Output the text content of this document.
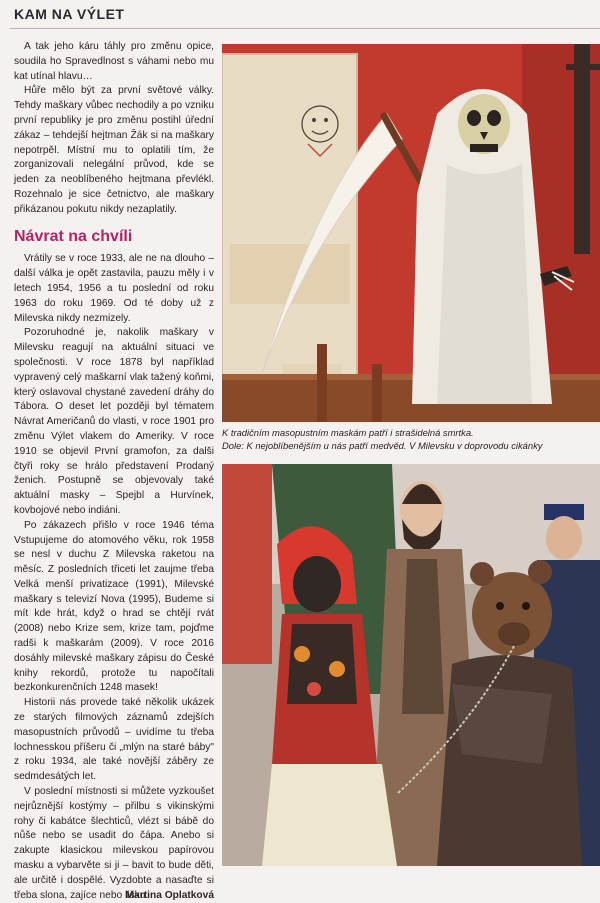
KAM NA VÝLET

A tak jeho káru táhly pro změnu opice, soudila ho Spravedlnost s váhami nebo mu kat utínal hlavu…

Hůře mělo být za první světové války. Tehdy maškary vůbec nechodily a po vzniku první republiky je pro změnu postihl úřední zákaz – tehdejší hejtman Žák si na maškary nepotrpěl. Místní mu to oplatili tím, že zorganizovali nelegální průvod, kde se jeden za neoblíbeného hejtmana převlékl. Rozehnalo je sice četnictvo, ale maškary přikázanou pokutu nikdy nezaplatily.

Návrat na chvíli

Vrátily se v roce 1933, ale ne na dlouho – další válka je opět zastavila, pauzu měly i v letech 1954, 1956 a tu poslední od roku 1963 do roku 1969. Od té doby už z Milevska nikdy nezmizely.

Pozoruhodné je, nakolik maškary v Milevsku reagují na aktuální situaci ve společnosti. V roce 1878 byl například vypravený celý maškarní vlak tažený koňmi, který oslavoval chystané zavedení dráhy do Tábora. O deset let později byl tématem Návrat Američanů do vlasti, v roce 1901 pro změnu Výlet vlakem do Ameriky. V roce 1910 se objevil První gramofon, za dalši čtyři roky se hrálo představení Prodaný ženich. Postupně se objevovaly také aktuální masky – Spejbl a Hurvínek, kovbojové nebo indiáni.

Po zákazech přišlo v roce 1946 téma Vstupujeme do atomového věku, rok 1958 se nesl v duchu Z Milevska raketou na měsíc. Z posledních třiceti let zaujme třeba Velká menší privatizace (1991), Milevské maškary s televizí Nova (1995), Budeme si mít kde hrát, když o hrad se chtějí rvát (2008) nebo Krize sem, krize tam, pojďme radši k maškarám (2009). V roce 2016 dosáhly milevské maškary zápisu do České knihy rekordů, protože tu napočítali bezkonkurenčních 1248 masek!

Historii nás provede také několik ukázek ze starých filmových záznamů zdejších masopustních průvodů – uvidíme tu třeba lochnesskou příšeru či „mlýn na staré báby" z roku 1934, ale také novější záběry ze sedmdesátých let.

V poslední místnosti si můžete vyzkoušet nejrůznější kostýmy – přilbu s vikinskými rohy či kabátce šlechticů, vlézt si bábě do nůše nebo se usadit do čápa. Anebo si zakupte klasickou milevskou papírovou masku a vybarvěte si ji – bavit to bude děti, ale určitě i dospělé. Vyzdobte a nasaďte si třeba slona, zajíce nebo lišku.

Martina Oplatková

K tradičním masopustním maskám patří i strašidelná smrtka.
Dole: K nejoblíbenějším u nás patří medvěd. V Milevsku v doprovodu cikánky
